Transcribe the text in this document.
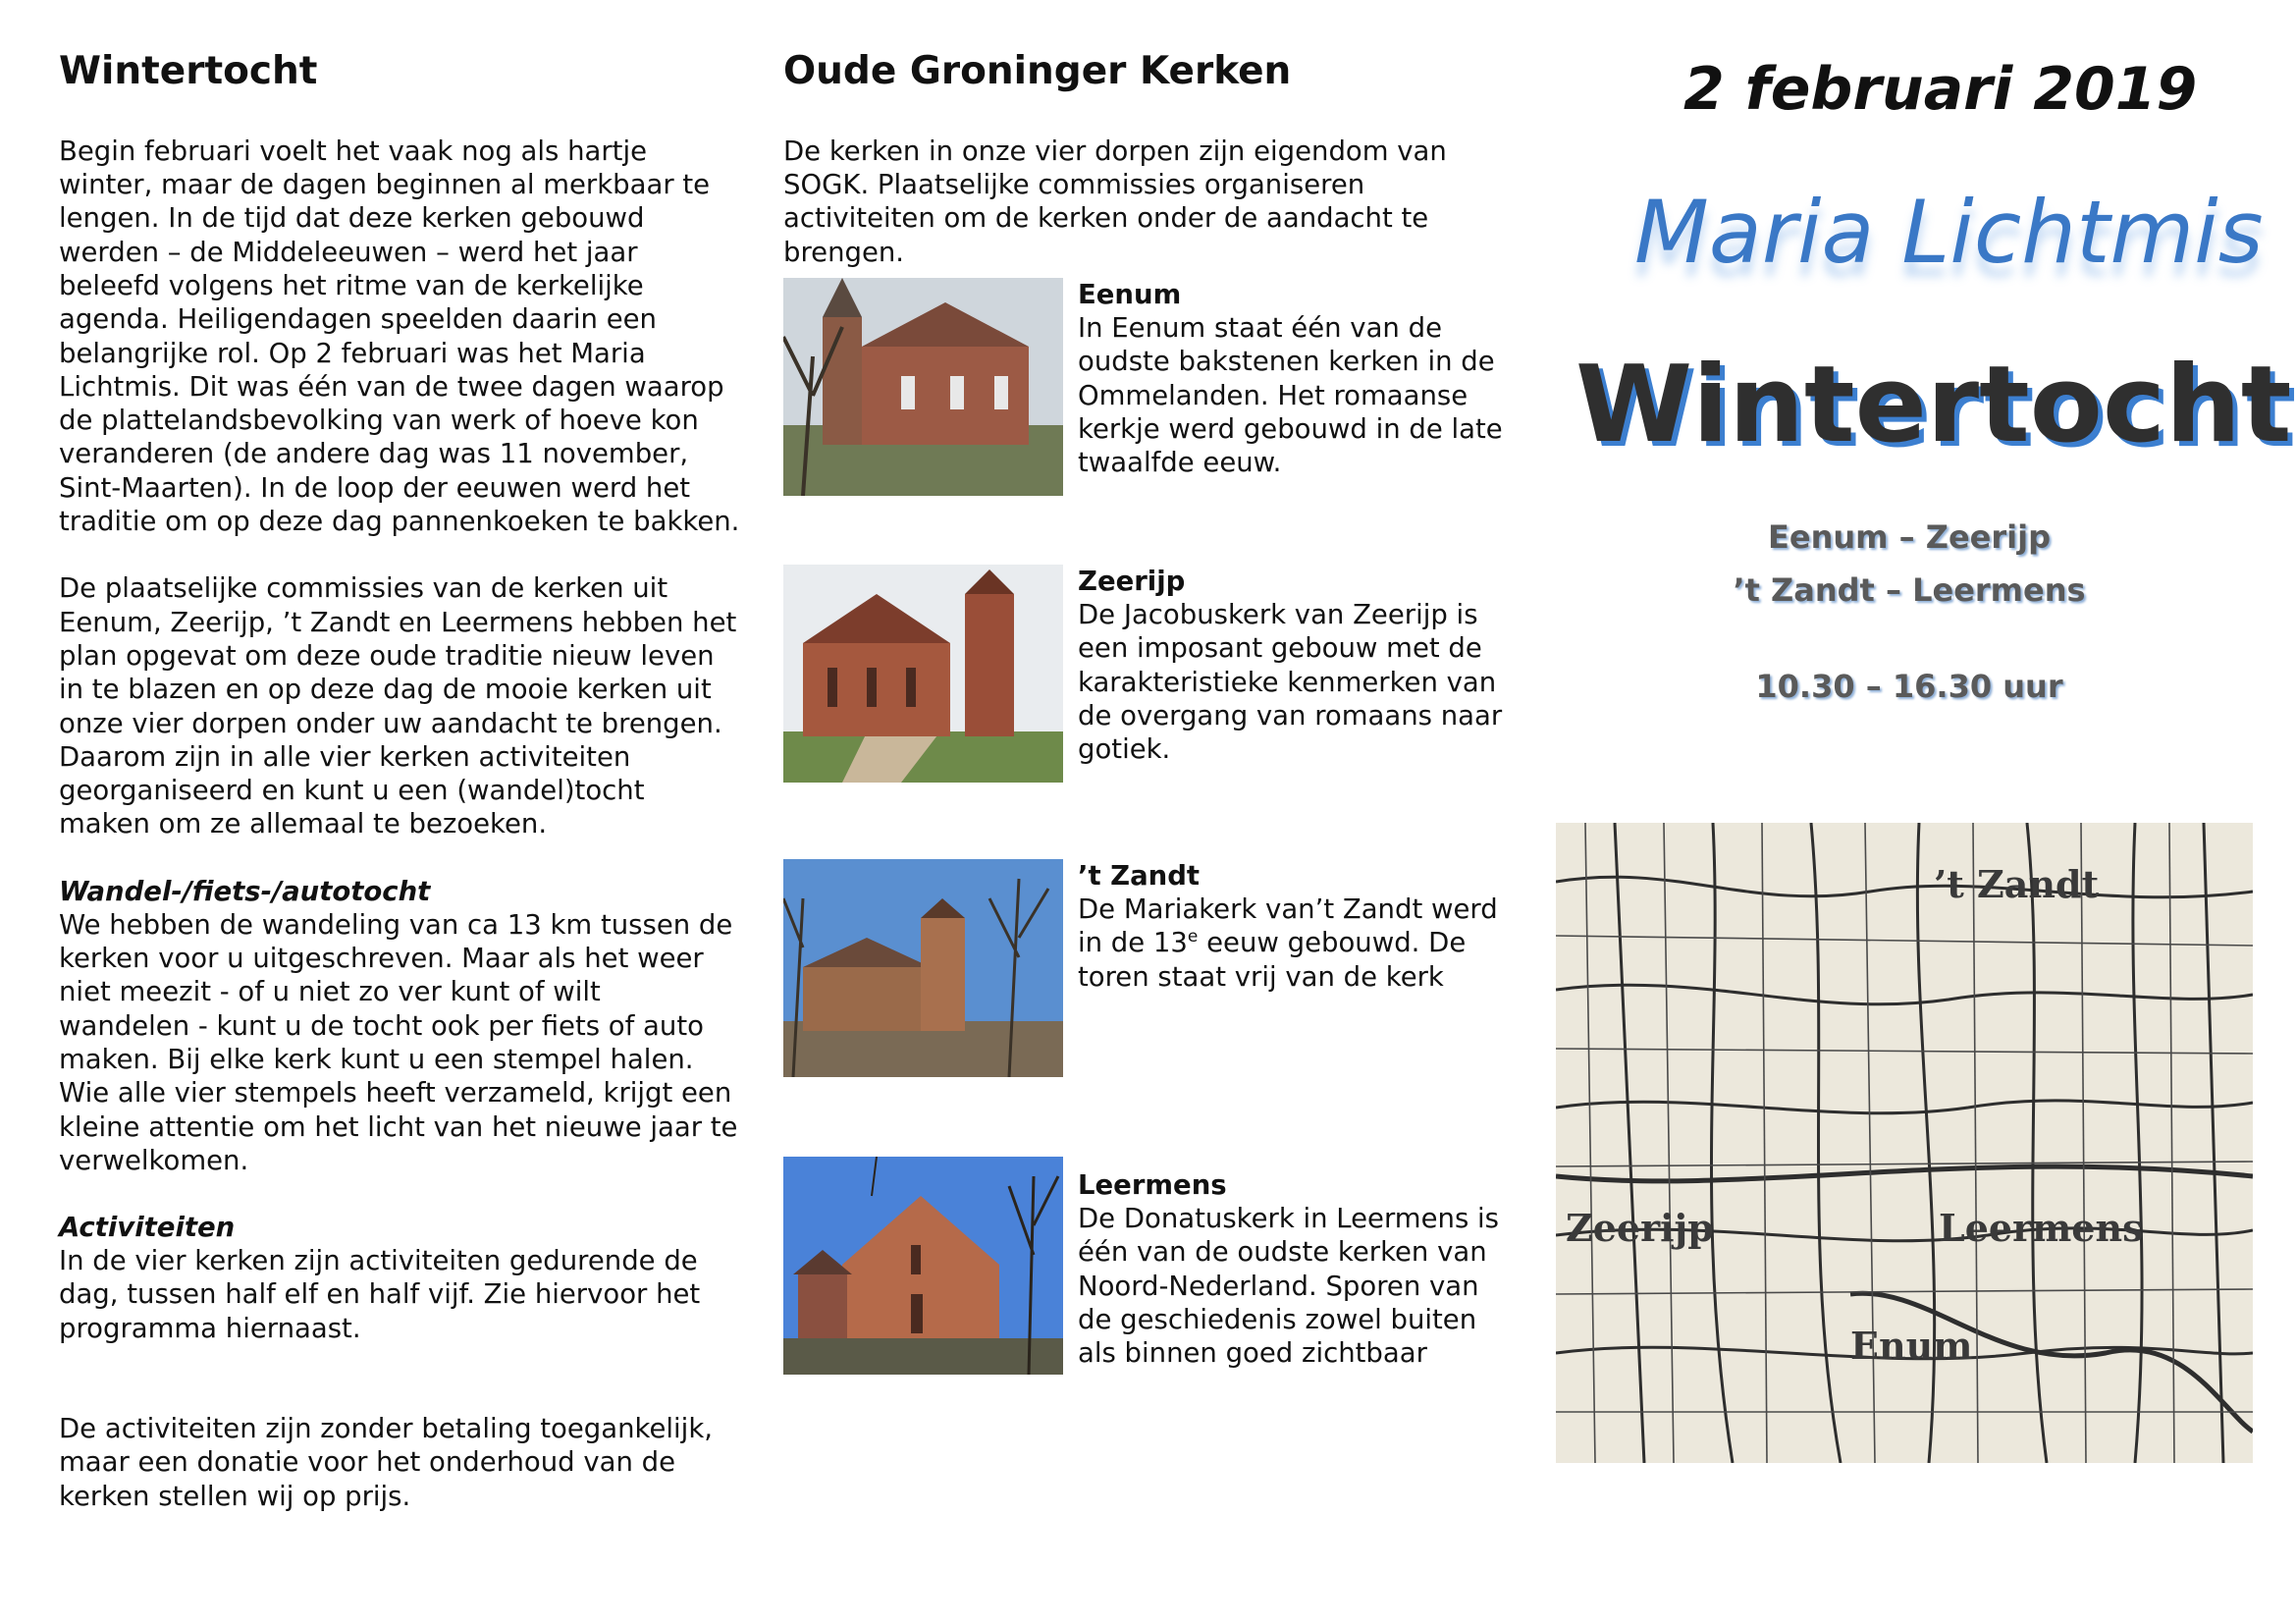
Wintertocht

Begin februari voelt het vaak nog als hartje
winter, maar de dagen beginnen al merkbaar te
lengen. In de tijd dat deze kerken gebouwd
werden – de Middeleeuwen – werd het jaar
beleefd volgens het ritme van de kerkelijke
agenda. Heiligendagen speelden daarin een
belangrijke rol. Op 2 februari was het Maria
Lichtmis. Dit was één van de twee dagen waarop
de plattelandsbevolking van werk of hoeve kon
veranderen (de andere dag was 11 november,
Sint-Maarten). In de loop der eeuwen werd het
traditie om op deze dag pannenkoeken te bakken.

De plaatselijke commissies van de kerken uit
Eenum, Zeerijp, ’t Zandt en Leermens hebben het
plan opgevat om deze oude traditie nieuw leven
in te blazen en op deze dag de mooie kerken uit
onze vier dorpen onder uw aandacht te brengen.
Daarom zijn in alle vier kerken activiteiten
georganiseerd en kunt u een (wandel)tocht
maken om ze allemaal te bezoeken.

Wandel-/fiets-/autotocht

We hebben de wandeling van ca 13 km tussen de
kerken voor u uitgeschreven. Maar als het weer
niet meezit - of u niet zo ver kunt of wilt
wandelen - kunt u de tocht ook per fiets of auto
maken. Bij elke kerk kunt u een stempel halen.
Wie alle vier stempels heeft verzameld, krijgt een
kleine attentie om het licht van het nieuwe jaar te
verwelkomen.

Activiteiten

In de vier kerken zijn activiteiten gedurende de
dag, tussen half elf en half vijf. Zie hiervoor het
programma hiernaast.

De activiteiten zijn zonder betaling toegankelijk,
maar een donatie voor het onderhoud van de
kerken stellen wij op prijs.

Oude Groninger Kerken

De kerken in onze vier dorpen zijn eigendom van
SOGK. Plaatselijke commissies organiseren
activiteiten om de kerken onder de aandacht te
brengen.

Eenum

In Eenum staat één van de
oudste bakstenen kerken in de
Ommelanden. Het romaanse
kerkje werd gebouwd in de late
twaalfde eeuw.

Zeerijp

De Jacobuskerk van Zeerijp is
een imposant gebouw met de
karakteristieke kenmerken van
de overgang van romaans naar
gotiek.

’t Zandt

De Mariakerk van’t Zandt werd
in de 13e eeuw gebouwd. De
toren staat vrij van de kerk

Leermens

De Donatuskerk in Leermens is
één van de oudste kerken van
Noord-Nederland. Sporen van
de geschiedenis zowel buiten
als binnen goed zichtbaar

2 februari 2019
Maria Lichtmis
Wintertocht
Eenum – Zeerijp
’t Zandt – Leermens
10.30 – 16.30 uur
’t Zandt
Zeerijp	Leermens
Enum
